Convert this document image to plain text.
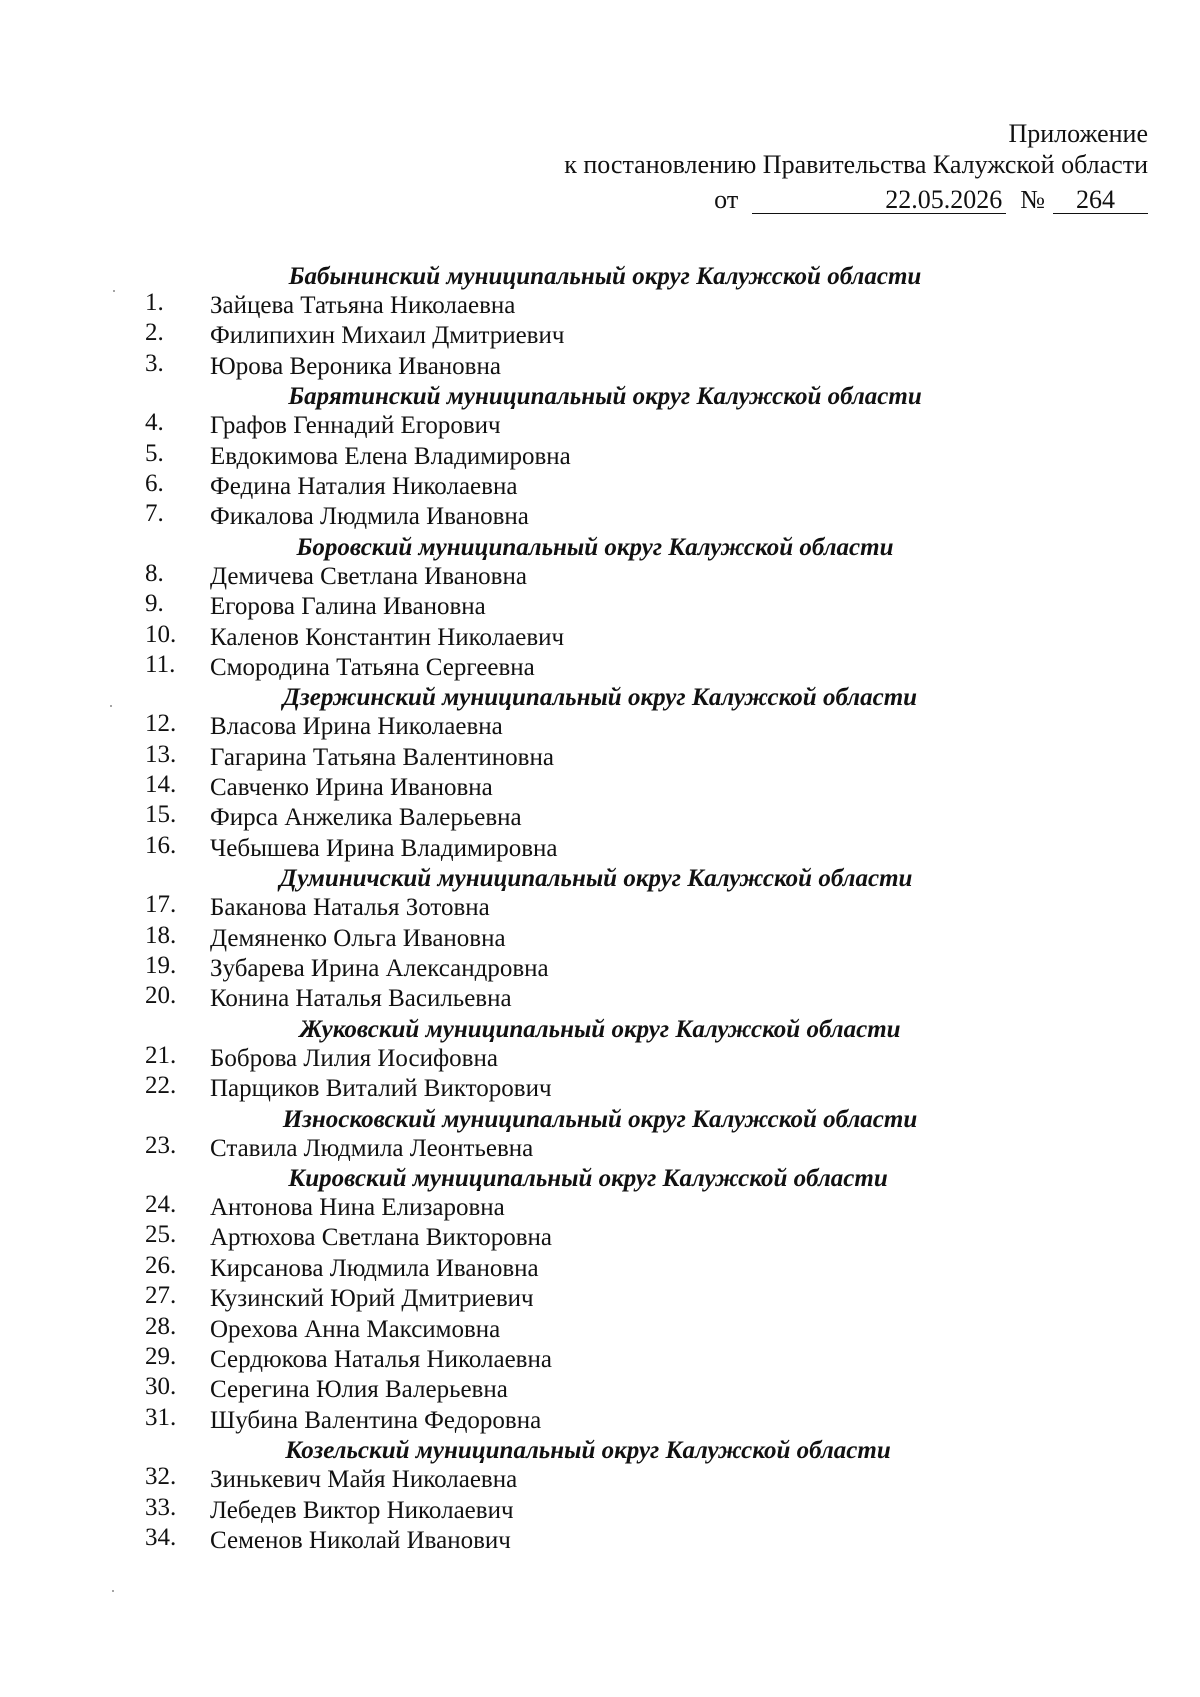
Приложение
к постановлению Правительства Калужской области
от	22.05.2026 № 264
Бабынинский муниципальный округ Калужской области
1.	Зайцева Татьяна Николаевна
2.	Филипихин Михаил Дмитриевич
3.	Юрова Вероника Ивановна
Барятинский муниципальный округ Калужской области
4.	Графов Геннадий Егорович
5.	Евдокимова Елена Владимировна
6.	Федина Наталия Николаевна
7.	Фикалова Людмила Ивановна
Боровский муниципальный округ Калужской области
8.	Демичева Светлана Ивановна
9.	Егорова Галина Ивановна
10.	Каленов Константин Николаевич
11.	Смородина Татьяна Сергеевна
Дзержинский муниципальный округ Калужской области
12.	Власова Ирина Николаевна
13.	Гагарина Татьяна Валентиновна
14.	Савченко Ирина Ивановна
15.	Фирса Анжелика Валерьевна
16.	Чебышева Ирина Владимировна
Думиничский муниципальный округ Калужской области
17.	Баканова Наталья Зотовна
18.	Демяненко Ольга Ивановна
19.	Зубарева Ирина Александровна
20.	Конина Наталья Васильевна
Жуковский муниципальный округ Калужской области
21.	Боброва Лилия Иосифовна
22.	Парщиков Виталий Викторович
Износковский муниципальный округ Калужской области
23.	Ставила Людмила Леонтьевна
Кировский муниципальный округ Калужской области
24.	Антонова Нина Елизаровна
25.	Артюхова Светлана Викторовна
26.	Кирсанова Людмила Ивановна
27.	Кузинский Юрий Дмитриевич
28.	Орехова Анна Максимовна
29.	Сердюкова Наталья Николаевна
30.	Серегина Юлия Валерьевна
31.	Шубина Валентина Федоровна
Козельский муниципальный округ Калужской области
32.	Зинькевич Майя Николаевна
33.	Лебедев Виктор Николаевич
34.	Семенов Николай Иванович
